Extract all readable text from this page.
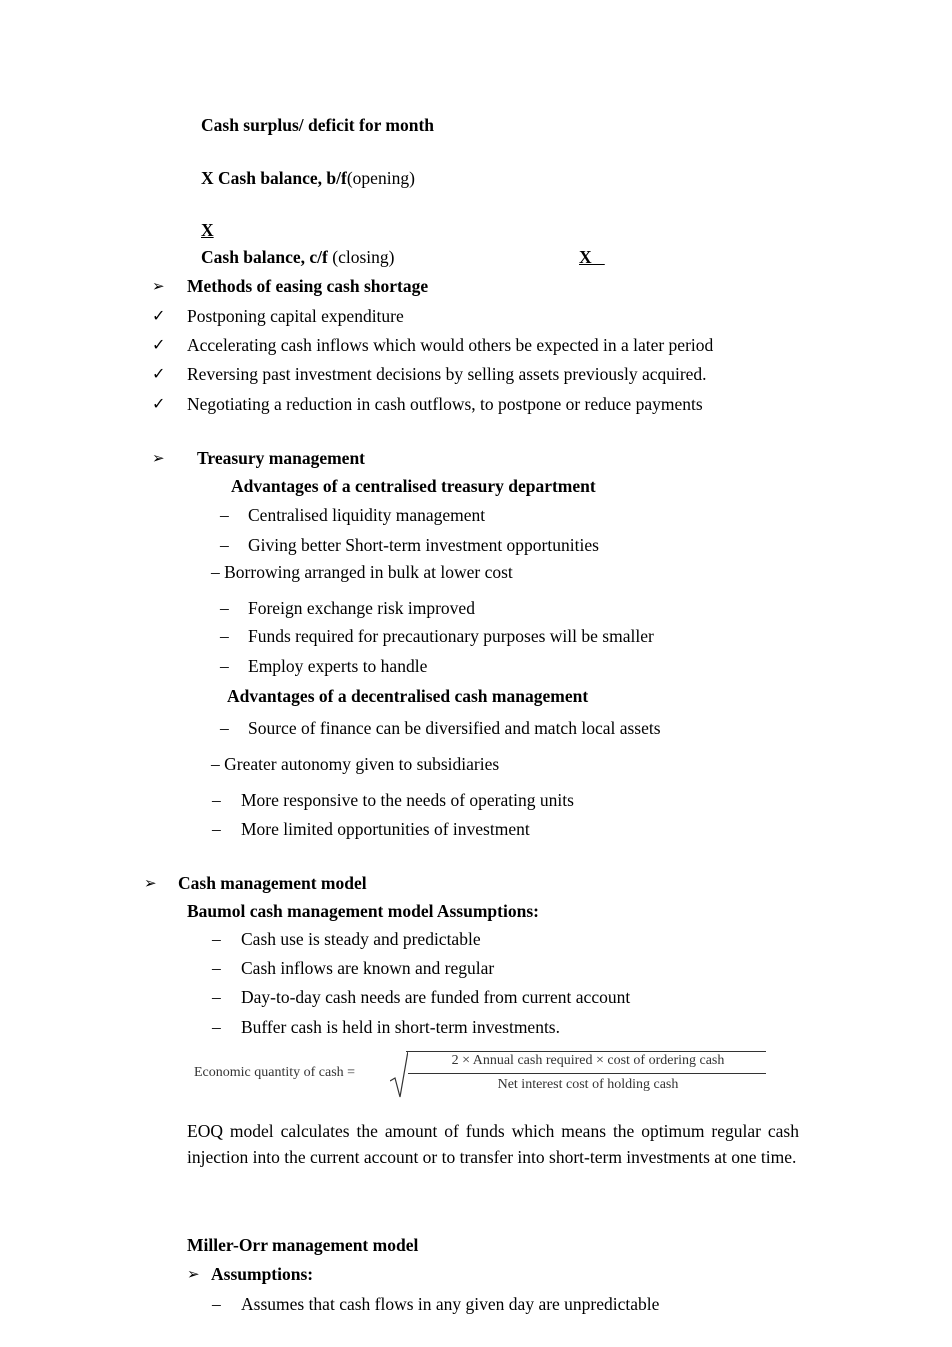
Cash surplus/ deficit for month
X Cash balance, b/f(opening)
X
Cash balance, c/f (closing)	X
➢ Methods of easing cash shortage
✓ Postponing capital expenditure
✓ Accelerating cash inflows which would others be expected in a later period
✓ Reversing past investment decisions by selling assets previously acquired.
✓ Negotiating a reduction in cash outflows, to postpone or reduce payments
➢ Treasury management
Advantages of a centralised treasury department
– Centralised liquidity management
– Giving better Short-term investment opportunities
– Borrowing arranged in bulk at lower cost
– Foreign exchange risk improved
– Funds required for precautionary purposes will be smaller
– Employ experts to handle
Advantages of a decentralised cash management
– Source of finance can be diversified and match local assets
– Greater autonomy given to subsidiaries
– More responsive to the needs of operating units
– More limited opportunities of investment
➢ Cash management model
Baumol cash management model Assumptions:
– Cash use is steady and predictable
– Cash inflows are known and regular
– Day-to-day cash needs are funded from current account
– Buffer cash is held in short-term investments.
Economic quantity of cash =
2 × Annual cash required × cost of ordering cash
Net interest cost of holding cash
EOQ model calculates the amount of funds which means the optimum regular cash injection into the current account or to transfer into short-term investments at one time.
Miller-Orr management model
➢ Assumptions:
– Assumes that cash flows in any given day are unpredictable
